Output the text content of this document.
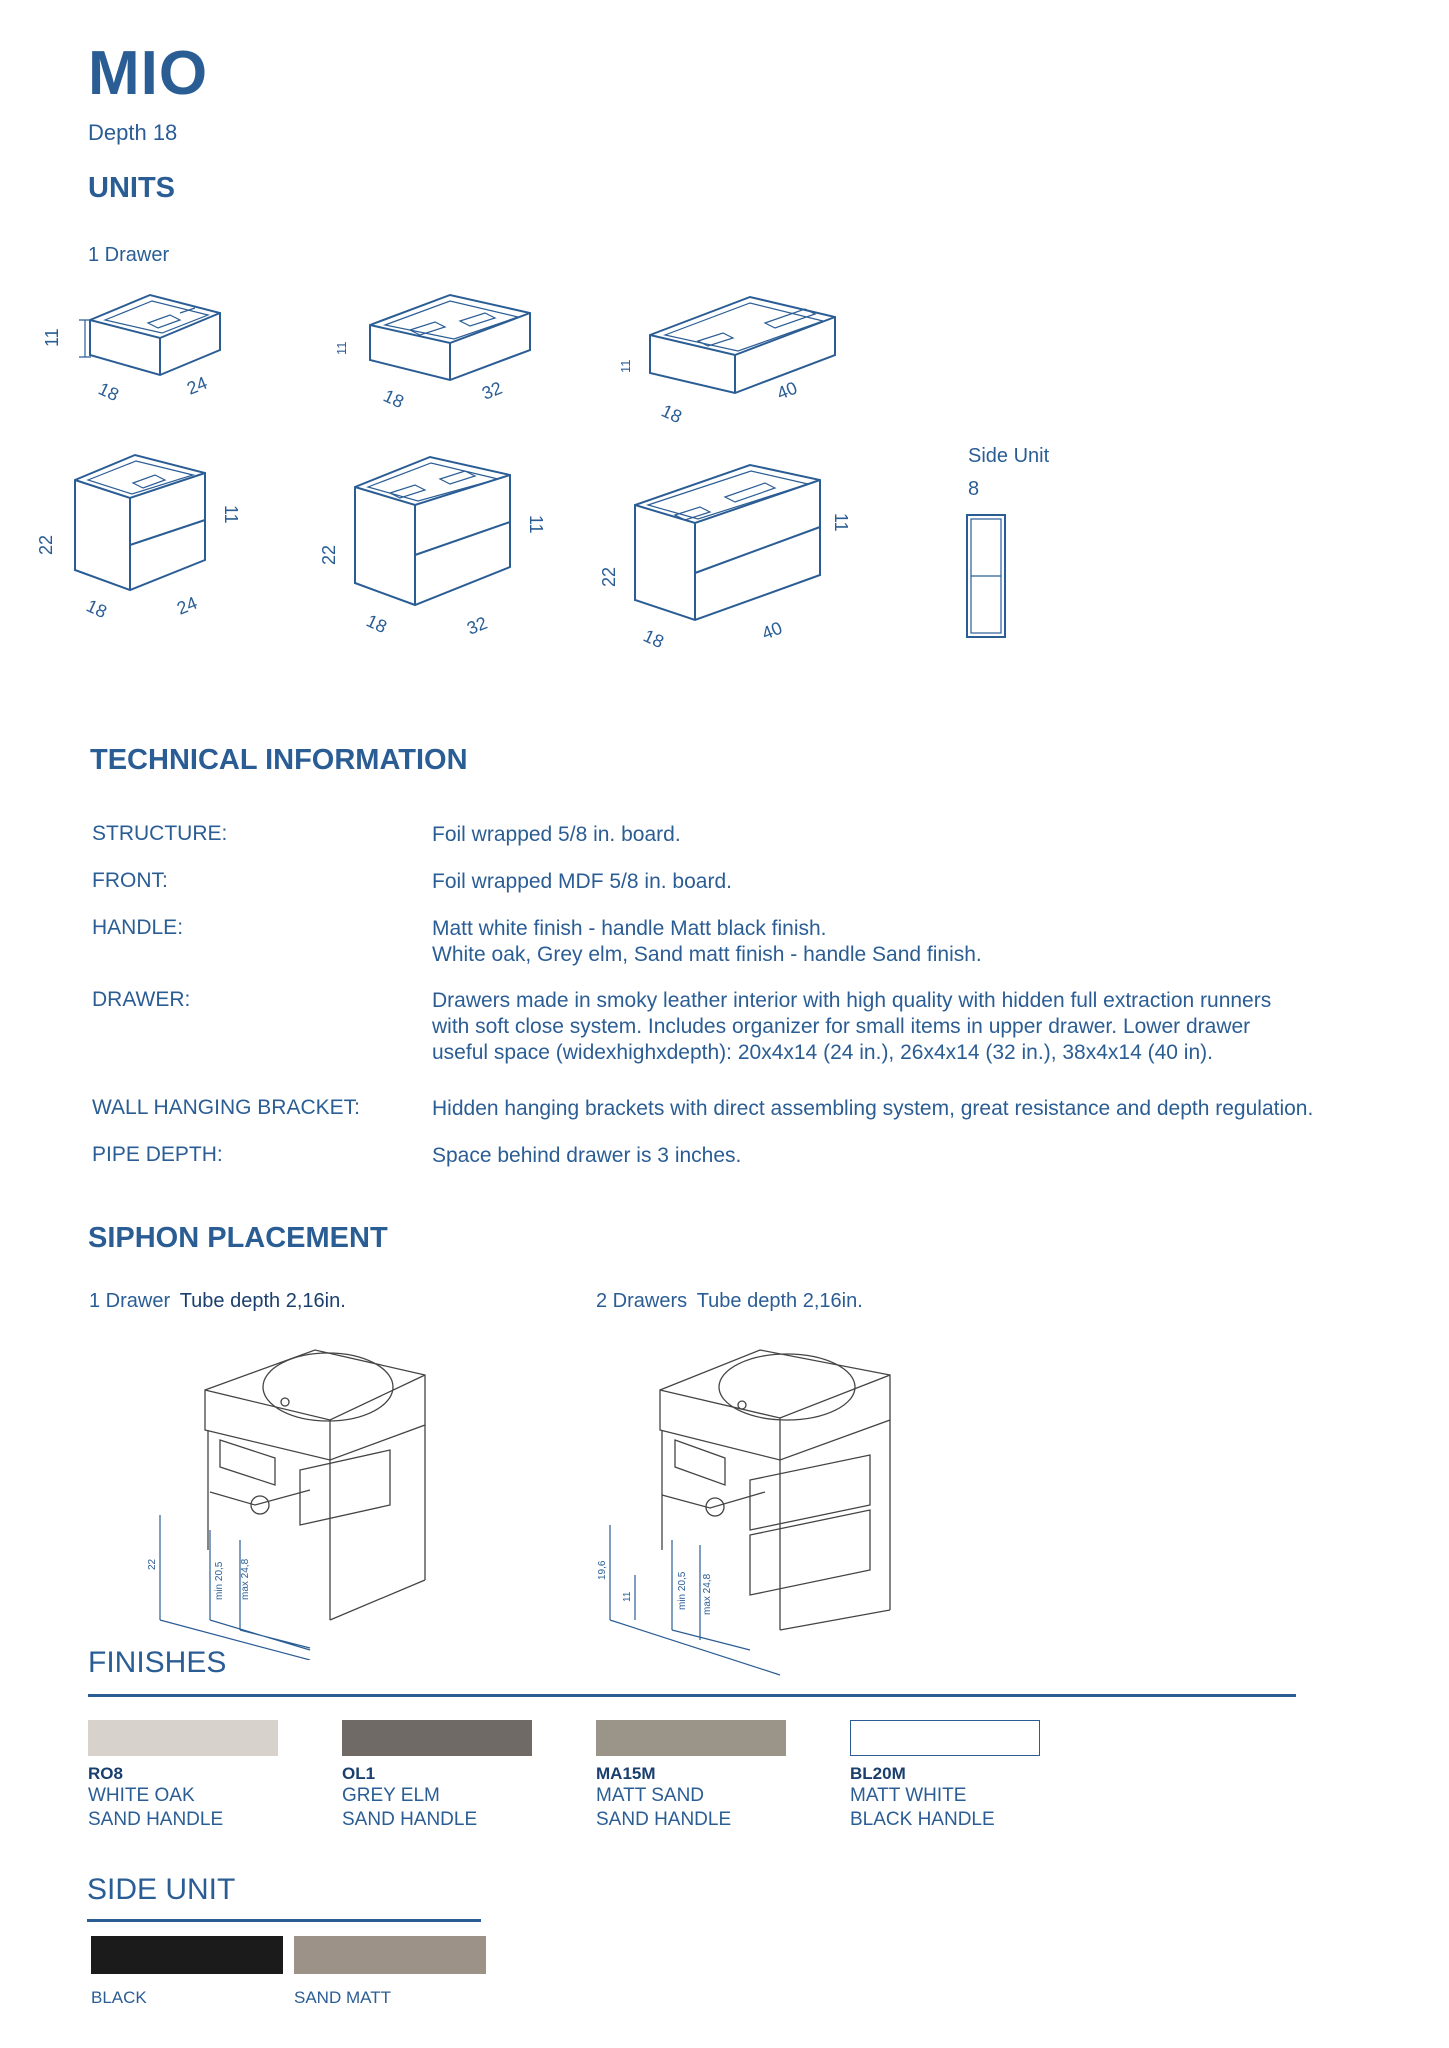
MIO
Depth 18
UNITS
1 Drawer
11
18	24
11
18	32
11
18
40
22
11
18	24
22
11
18	32
22
11
18	40
Side Unit
8
TECHNICAL INFORMATION
STRUCTURE:	Foil wrapped 5/8 in. board.
FRONT:	Foil wrapped MDF 5/8 in. board.
HANDLE:	Matt white finish - handle Matt black finish.
White oak, Grey elm, Sand matt finish - handle Sand finish.
DRAWER:	Drawers made in smoky leather interior with high quality with hidden full extraction runners
with soft close system. Includes organizer for small items in upper drawer. Lower drawer
useful space (widexhighxdepth): 20x4x14 (24 in.), 26x4x14 (32 in.), 38x4x14 (40 in).
WALL HANGING BRACKET:	Hidden hanging brackets with direct assembling system, great resistance and depth regulation.
PIPE DEPTH:	Space behind drawer is 3 inches.
SIPHON PLACEMENT
1 Drawer Tube depth 2,16in.	2 Drawers Tube depth 2,16in.
22	min 20,5 max 24,8	19,6
11	min 20,5 max 24,8
FINISHES
RO8
WHITE OAK
SAND HANDLE
OL1
GREY ELM
SAND HANDLE
MA15M
MATT SAND
SAND HANDLE
BL20M
MATT WHITE
BLACK HANDLE
SIDE UNIT
BLACK	SAND MATT
